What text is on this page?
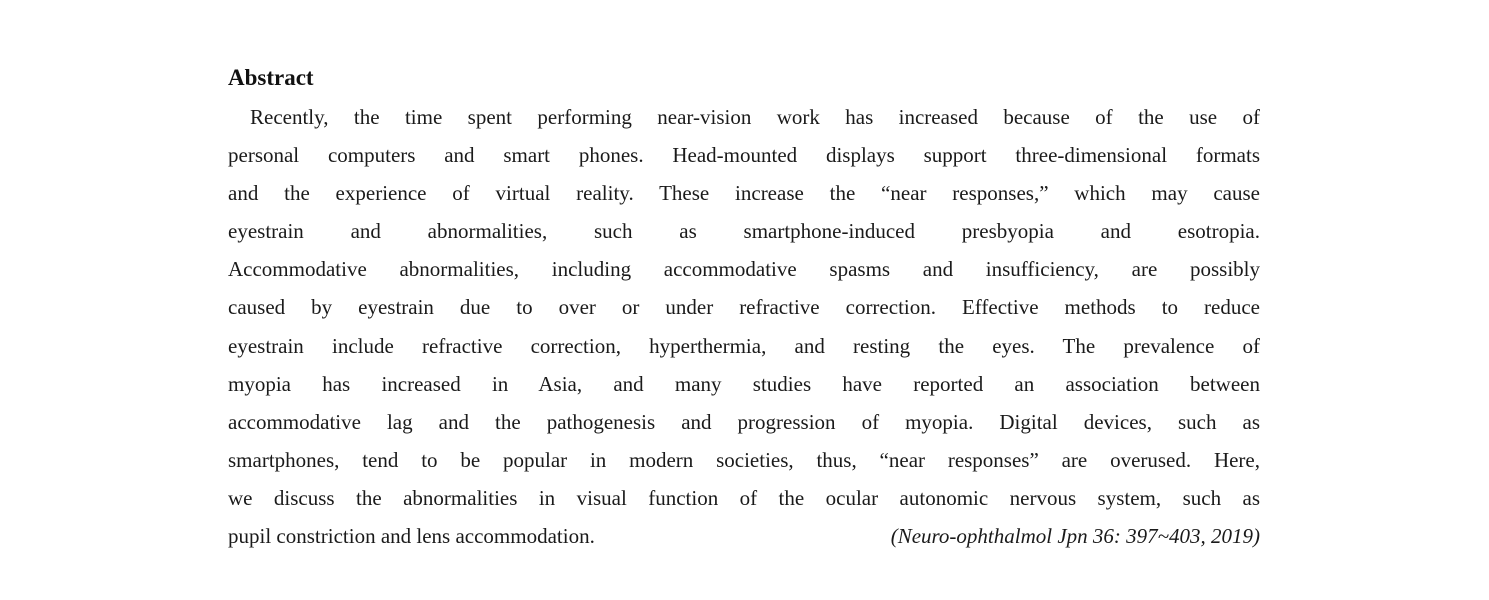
Abstract
Recently, the time spent performing near-vision work has increased because of the use of
personal computers and smart phones. Head-mounted displays support three-dimensional formats
and the experience of virtual reality. These increase the “near responses,” which may cause
eyestrain and abnormalities, such as smartphone-induced presbyopia and esotropia.
Accommodative abnormalities, including accommodative spasms and insufficiency, are possibly
caused by eyestrain due to over or under refractive correction. Effective methods to reduce
eyestrain include refractive correction, hyperthermia, and resting the eyes. The prevalence of
myopia has increased in Asia, and many studies have reported an association between
accommodative lag and the pathogenesis and progression of myopia. Digital devices, such as
smartphones, tend to be popular in modern societies, thus, “near responses” are overused. Here,
we discuss the abnormalities in visual function of the ocular autonomic nervous system, such as
pupil constriction and lens accommodation.	(Neuro-ophthalmol Jpn 36: 397~403, 2019)
